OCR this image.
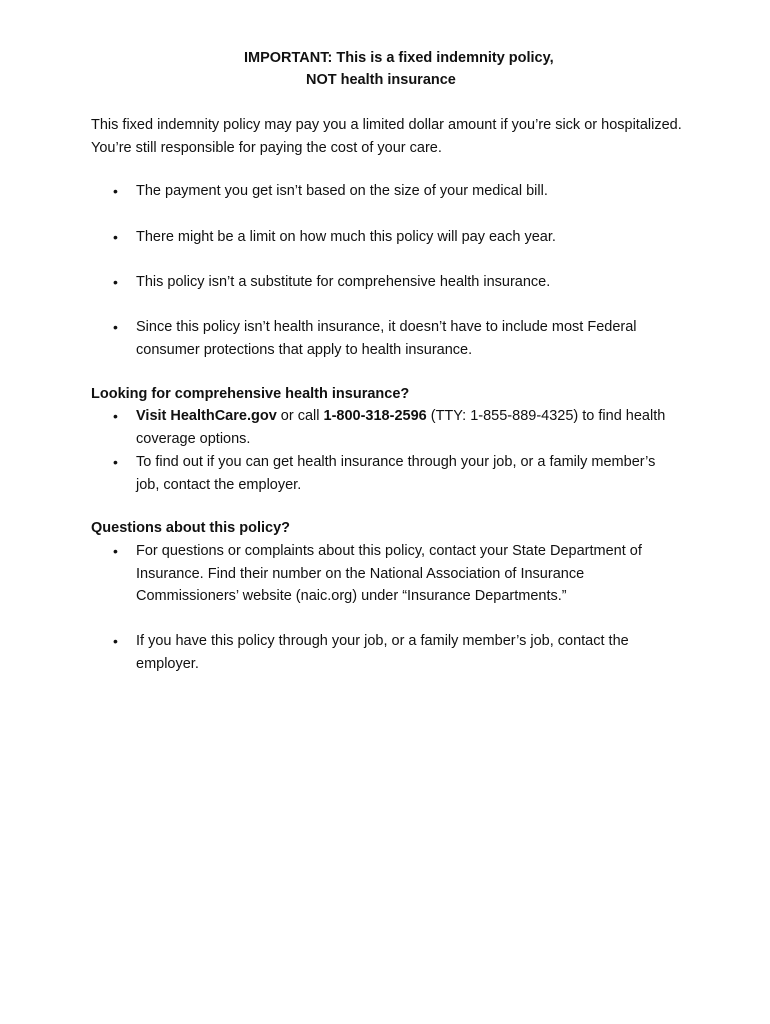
IMPORTANT: This is a fixed indemnity policy,
NOT health insurance
This fixed indemnity policy may pay you a limited dollar amount if you’re sick or hospitalized. You’re still responsible for paying the cost of your care.
•	The payment you get isn’t based on the size of your medical bill.
•	There might be a limit on how much this policy will pay each year.
•	This policy isn’t a substitute for comprehensive health insurance.
•	Since this policy isn’t health insurance, it doesn’t have to include most Federal consumer protections that apply to health insurance.
Looking for comprehensive health insurance?
•	Visit HealthCare.gov or call 1-800-318-2596 (TTY: 1-855-889-4325) to find health coverage options.
•	To find out if you can get health insurance through your job, or a family member’s job, contact the employer.
Questions about this policy?
•	For questions or complaints about this policy, contact your State Department of Insurance. Find their number on the National Association of Insurance Commissioners’ website (naic.org) under “Insurance Departments.”
•	If you have this policy through your job, or a family member’s job, contact the employer.
